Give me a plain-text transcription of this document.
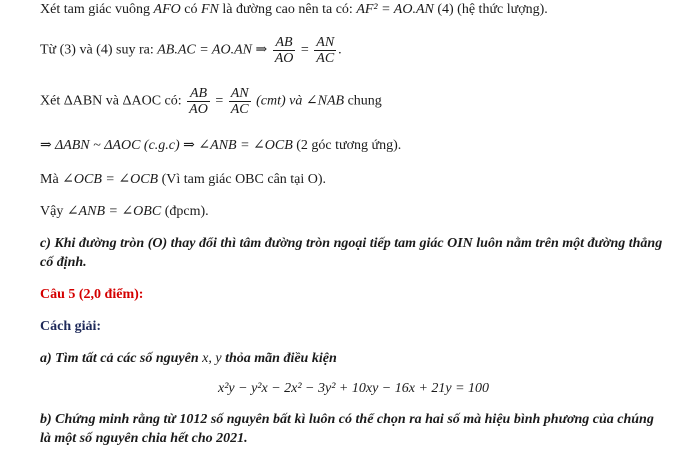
Xét tam giác vuông AFO có FN là đường cao nên ta có: AF² = AO.AN (4) (hệ thức lượng).
Từ (3) và (4) suy ra: AB.AC = AO.AN ⇒ $\frac{AB}{AO} = \frac{AN}{AC}$ .
Xét ΔABN và ΔAOC có: $\frac{AB}{AO} = \frac{AN}{AC} (cmt)$ và ∠NAB chung
⇒ ΔABN ~ ΔAOC (c.g.c) ⇒ ∠ANB = ∠OCB (2 góc tương ứng).
Mà ∠OCB = ∠OCB (Vì tam giác OBC cân tại O).
Vậy ∠ANB = ∠OBC (đpcm).
c) Khi đường tròn (O) thay đổi thì tâm đường tròn ngoại tiếp tam giác OIN luôn nằm trên một đường thẳng
cố định.
Câu 5 (2,0 điểm):
Cách giải:
a) Tìm tất cả các số nguyên x, y thỏa mãn điều kiện
x²y − y²x − 2x² − 3y² + 10xy − 16x + 21y = 100
b) Chứng minh rằng từ 1012 số nguyên bất kì luôn có thể chọn ra hai số mà hiệu bình phương của chúng
là một số nguyên chia hết cho 2021.
